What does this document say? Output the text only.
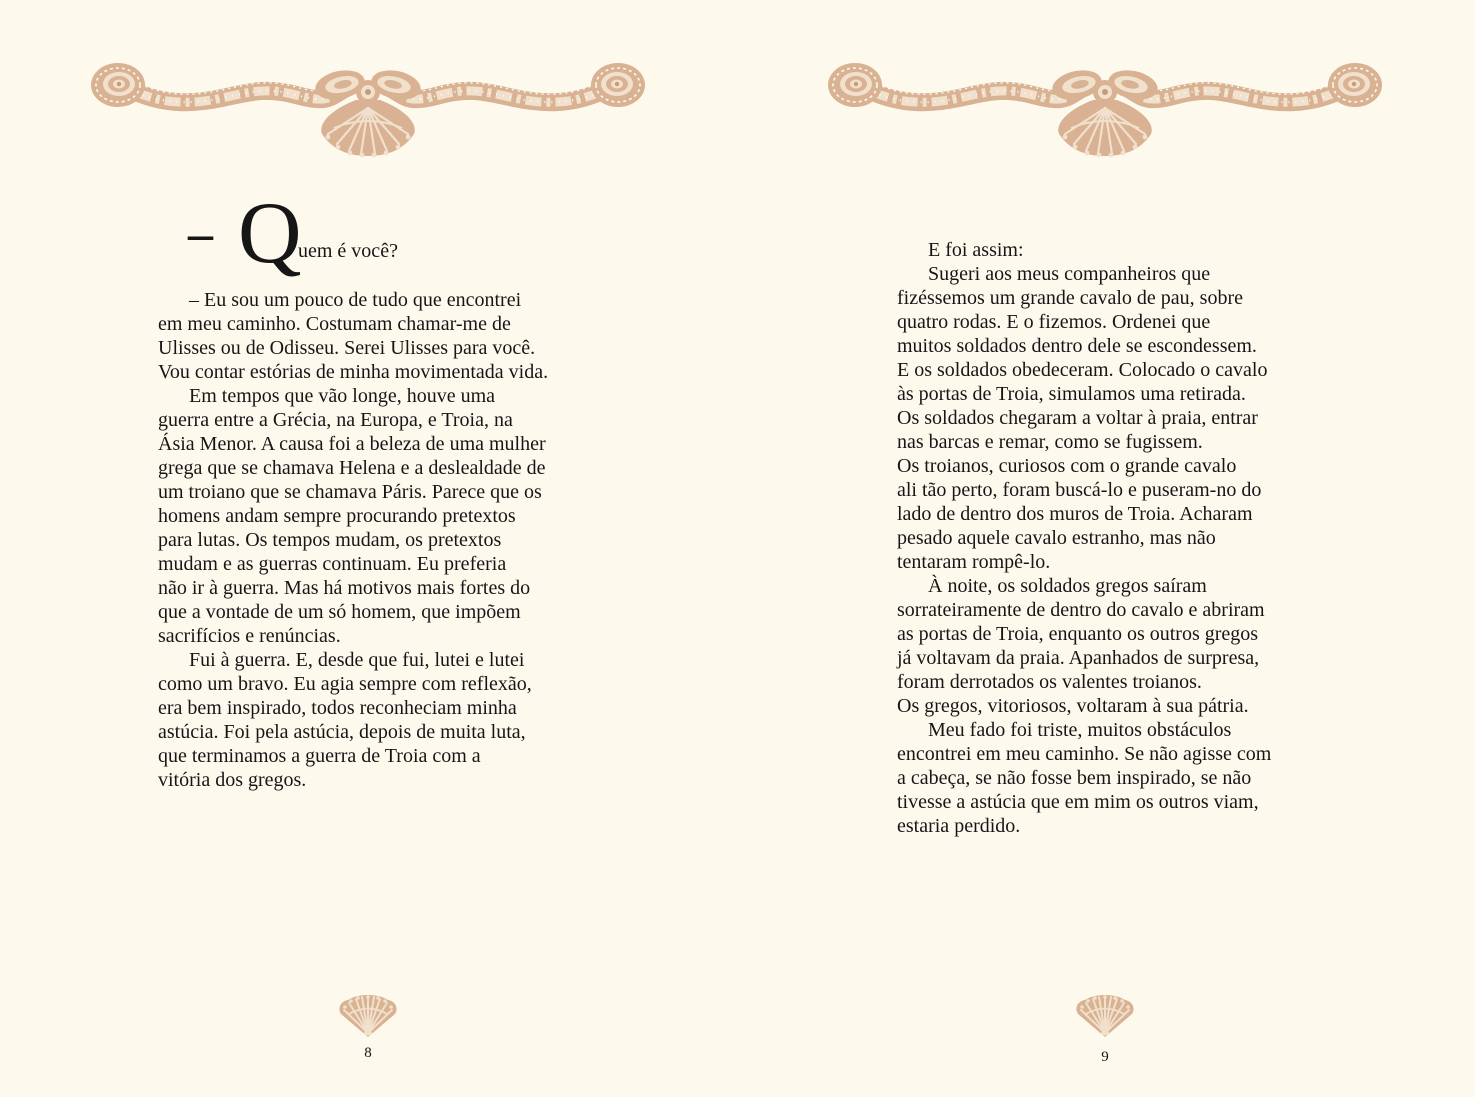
– Q
uem é você?
– Eu sou um pouco de tudo que encontrei
em meu caminho. Costumam chamar-me de
Ulisses ou de Odisseu. Serei Ulisses para você.
Vou contar estórias de minha movimentada vida.
Em tempos que vão longe, houve uma
guerra entre a Grécia, na Europa, e Troia, na
Ásia Menor. A causa foi a beleza de uma mulher
grega que se chamava Helena e a deslealdade de
um troiano que se chamava Páris. Parece que os
homens andam sempre procurando pretextos
para lutas. Os tempos mudam, os pretextos
mudam e as guerras continuam. Eu preferia
não ir à guerra. Mas há motivos mais fortes do
que a vontade de um só homem, que impõem
sacrifícios e renúncias.
Fui à guerra. E, desde que fui, lutei e lutei
como um bravo. Eu agia sempre com reflexão,
era bem inspirado, todos reconheciam minha
astúcia. Foi pela astúcia, depois de muita luta,
que terminamos a guerra de Troia com a
vitória dos gregos.
8
E foi assim:
Sugeri aos meus companheiros que
fizéssemos um grande cavalo de pau, sobre
quatro rodas. E o fizemos. Ordenei que
muitos soldados dentro dele se escondessem.
E os soldados obedeceram. Colocado o cavalo
às portas de Troia, simulamos uma retirada.
Os soldados chegaram a voltar à praia, entrar
nas barcas e remar, como se fugissem.
Os troianos, curiosos com o grande cavalo
ali tão perto, foram buscá-lo e puseram-no do
lado de dentro dos muros de Troia. Acharam
pesado aquele cavalo estranho, mas não
tentaram rompê-lo.
À noite, os soldados gregos saíram
sorrateiramente de dentro do cavalo e abriram
as portas de Troia, enquanto os outros gregos
já voltavam da praia. Apanhados de surpresa,
foram derrotados os valentes troianos.
Os gregos, vitoriosos, voltaram à sua pátria.
Meu fado foi triste, muitos obstáculos
encontrei em meu caminho. Se não agisse com
a cabeça, se não fosse bem inspirado, se não
tivesse a astúcia que em mim os outros viam,
estaria perdido.
9
